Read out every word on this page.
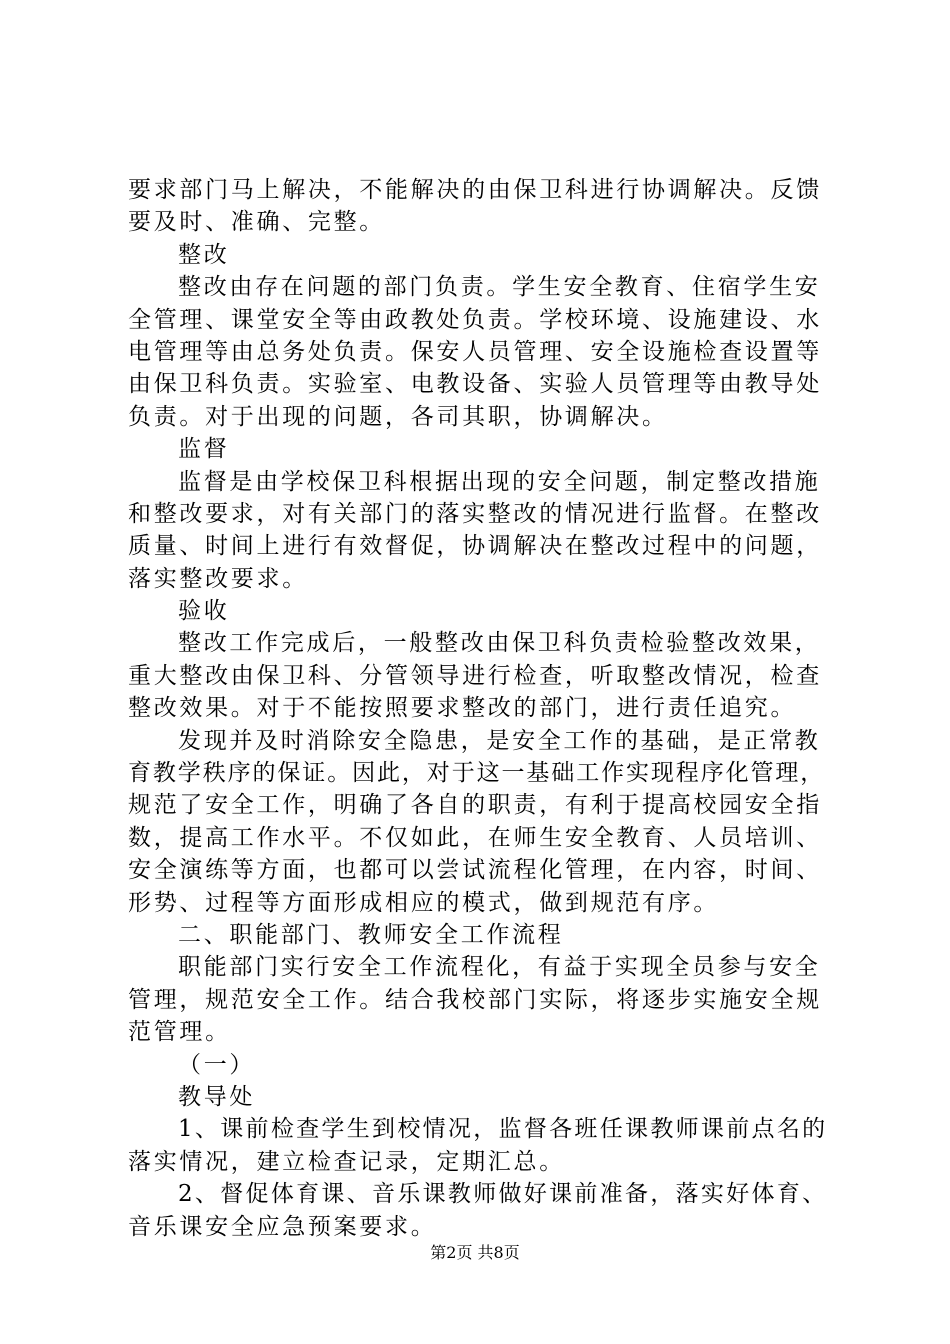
要求部门马上解决，不能解决的由保卫科进行协调解决。反馈
要及时、准确、完整。
整改
整改由存在问题的部门负责。学生安全教育、住宿学生安
全管理、课堂安全等由政教处负责。学校环境、设施建设、水
电管理等由总务处负责。保安人员管理、安全设施检查设置等
由保卫科负责。实验室、电教设备、实验人员管理等由教导处
负责。对于出现的问题，各司其职，协调解决。
监督
监督是由学校保卫科根据出现的安全问题，制定整改措施
和整改要求，对有关部门的落实整改的情况进行监督。在整改
质量、时间上进行有效督促，协调解决在整改过程中的问题，
落实整改要求。
验收
整改工作完成后，一般整改由保卫科负责检验整改效果，
重大整改由保卫科、分管领导进行检查，听取整改情况，检查
整改效果。对于不能按照要求整改的部门，进行责任追究。
发现并及时消除安全隐患，是安全工作的基础，是正常教
育教学秩序的保证。因此，对于这一基础工作实现程序化管理，
规范了安全工作，明确了各自的职责，有利于提高校园安全指
数，提高工作水平。不仅如此，在师生安全教育、人员培训、
安全演练等方面，也都可以尝试流程化管理，在内容，时间、
形势、过程等方面形成相应的模式，做到规范有序。
二、职能部门、教师安全工作流程
职能部门实行安全工作流程化，有益于实现全员参与安全
管理，规范安全工作。结合我校部门实际，将逐步实施安全规
范管理。
（一）
教导处
1、课前检查学生到校情况，监督各班任课教师课前点名的
落实情况，建立检查记录，定期汇总。
2、督促体育课、音乐课教师做好课前准备，落实好体育、
音乐课安全应急预案要求。
第2页 共8页
